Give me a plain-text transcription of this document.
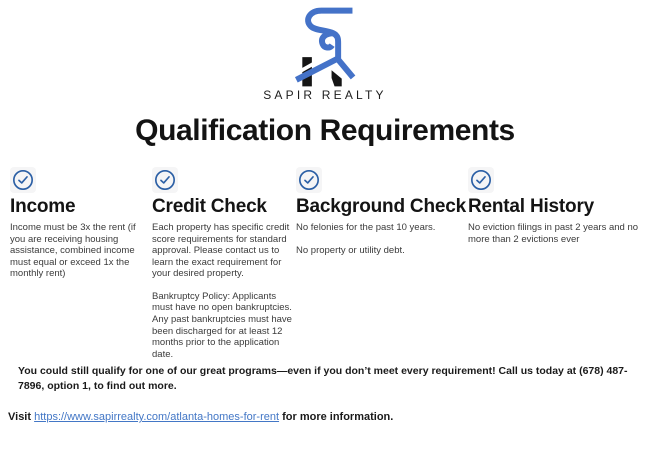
SAPIR REALTY
Qualification Requirements
Income

Income must be 3x the rent (if you are receiving housing assistance, combined income must equal or exceed 1x the monthly rent)

Credit Check

Each property has specific credit score requirements for standard approval. Please contact us to learn the exact requirement for your desired property.

Bankruptcy Policy: Applicants must have no open bankruptcies. Any past bankruptcies must have been discharged for at least 12 months prior to the application date.

Background Check

No felonies for the past 10 years.

No property or utility debt.

Rental History

No eviction filings in past 2 years and no more than 2 evictions ever

You could still qualify for one of our great programs—even if you don’t meet every requirement! Call us today at (678) 487-7896, option 1, to find out more.
Visit https://www.sapirrealty.com/atlanta-homes-for-rent for more information.
